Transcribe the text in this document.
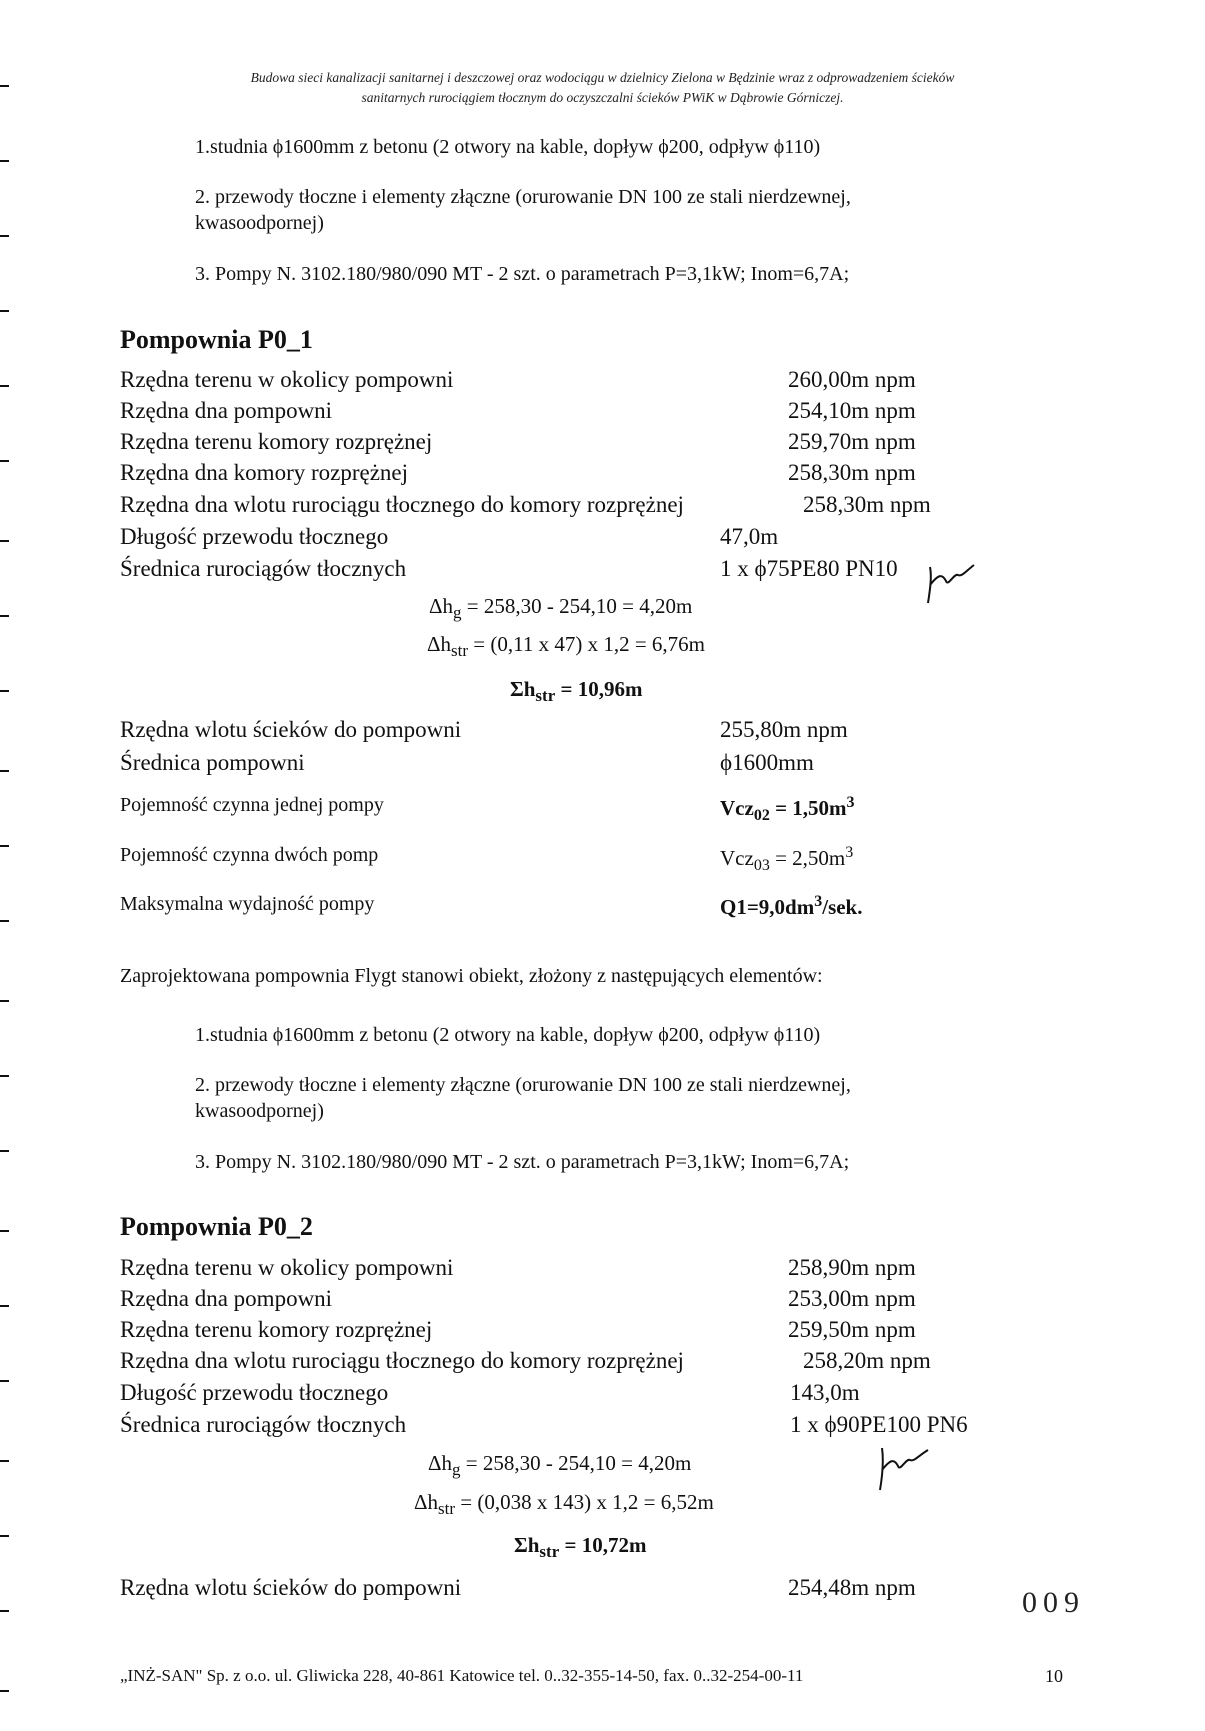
Budowa sieci kanalizacji sanitarnej i deszczowej oraz wodociągu w dzielnicy Zielona w Będzinie wraz z odprowadzeniem ścieków
sanitarnych rurociągiem tłocznym do oczyszczalni ścieków PWiK w Dąbrowie Górniczej.
1.studnia ϕ1600mm z betonu (2 otwory na kable, dopływ ϕ200, odpływ ϕ110)
2. przewody tłoczne i elementy złączne (orurowanie DN 100 ze stali nierdzewnej,
kwasoodpornej)
3. Pompy N. 3102.180/980/090 MT - 2 szt. o parametrach P=3,1kW; Inom=6,7A;
Pompownia P0_1
Rzędna terenu w okolicy pompowni	260,00m npm
Rzędna dna pompowni	254,10m npm
Rzędna terenu komory rozprężnej	259,70m npm
Rzędna dna komory rozprężnej	258,30m npm
Rzędna dna wlotu rurociągu tłocznego do komory rozprężnej	258,30m npm
Długość przewodu tłocznego	47,0m
Średnica rurociągów tłocznych	1 x ϕ75PE80 PN10
$\Delta h_g = 258,30 - 254,10 = 4,20m$
$\Delta h_{str} = (0,11$ x 47) x 1,2 = 6,76m
$\Sigma h_{str} = 10,96m$
Rzędna wlotu ścieków do pompowni	255,80m npm
Średnica pompowni	ϕ1600mm
Pojemność czynna jednej pompy	$Vcz_{02} = 1,50m^3$
Pojemność czynna dwóch pomp	$Vcz_{03} = 2,50m^3$
Maksymalna wydajność pompy	$Q1=9,0dm^3$/sek.
Zaprojektowana pompownia Flygt stanowi obiekt, złożony z następujących elementów:
1.studnia ϕ1600mm z betonu (2 otwory na kable, dopływ ϕ200, odpływ ϕ110)
2. przewody tłoczne i elementy złączne (orurowanie DN 100 ze stali nierdzewnej,
kwasoodpornej)
3. Pompy N. 3102.180/980/090 MT - 2 szt. o parametrach P=3,1kW; Inom=6,7A;
Pompownia P0_2
Rzędna terenu w okolicy pompowni	258,90m npm
Rzędna dna pompowni	253,00m npm
Rzędna terenu komory rozprężnej	259,50m npm
Rzędna dna wlotu rurociągu tłocznego do komory rozprężnej	258,20m npm
Długość przewodu tłocznego	143,0m
Średnica rurociągów tłocznych	1 x ϕ90PE100 PN6
$\Delta h_g = 258,30 - 254,10 = 4,20m$
$\Delta h_{str} = (0,038$ x 143) x 1,2 = 6,52m
$\Sigma h_{str} = 10,72m$
Rzędna wlotu ścieków do pompowni	254,48m npm	009
„INŻ-SAN" Sp. z o.o. ul. Gliwicka 228, 40-861 Katowice tel. 0..32-355-14-50, fax. 0..32-254-00-11	10
